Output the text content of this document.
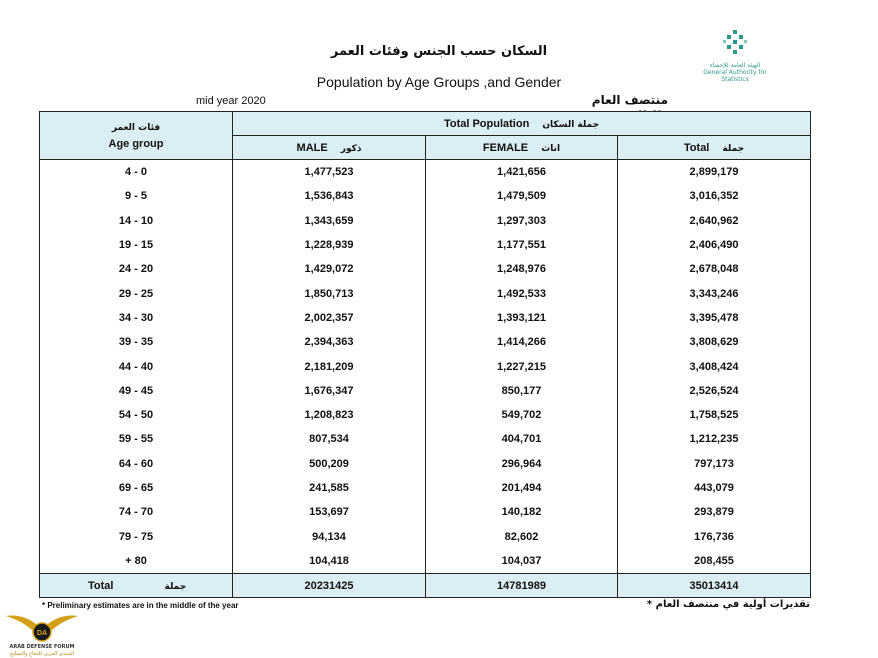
السكان حسب الجنس وفئات العمر
Population by Age Groups ,and Gender
الهيئة العامة للإحصاء
General Authority for Statistics
mid year 2020	منتصف العام
فئات العمر
Age group	Total Population جملة السكان		
	MALE ذكور	FEMALE اناث	Total جملة
4 - 0	1,477,523	1,421,656	2,899,179
9 - 5	1,536,843	1,479,509	3,016,352
14 - 10	1,343,659	1,297,303	2,640,962
19 - 15	1,228,939	1,177,551	2,406,490
24 - 20	1,429,072	1,248,976	2,678,048
29 - 25	1,850,713	1,492,533	3,343,246
34 - 30	2,002,357	1,393,121	3,395,478
39 - 35	2,394,363	1,414,266	3,808,629
44 - 40	2,181,209	1,227,215	3,408,424
49 - 45	1,676,347	850,177	2,526,524
54 - 50	1,208,823	549,702	1,758,525
59 - 55	807,534	404,701	1,212,235
64 - 60	500,209	296,964	797,173
69 - 65	241,585	201,494	443,079
74 - 70	153,697	140,182	293,879
79 - 75	94,134	82,602	176,736
+ 80	104,418	104,037	208,455
Total جملة	20231425	14781989	35013414
* Preliminary estimates are in the middle of the year	* تقديرات أولية في منتصف العام
DA
ARAB DEFENSE FORUM
المنتدى العربي للدفاع والتسليح
